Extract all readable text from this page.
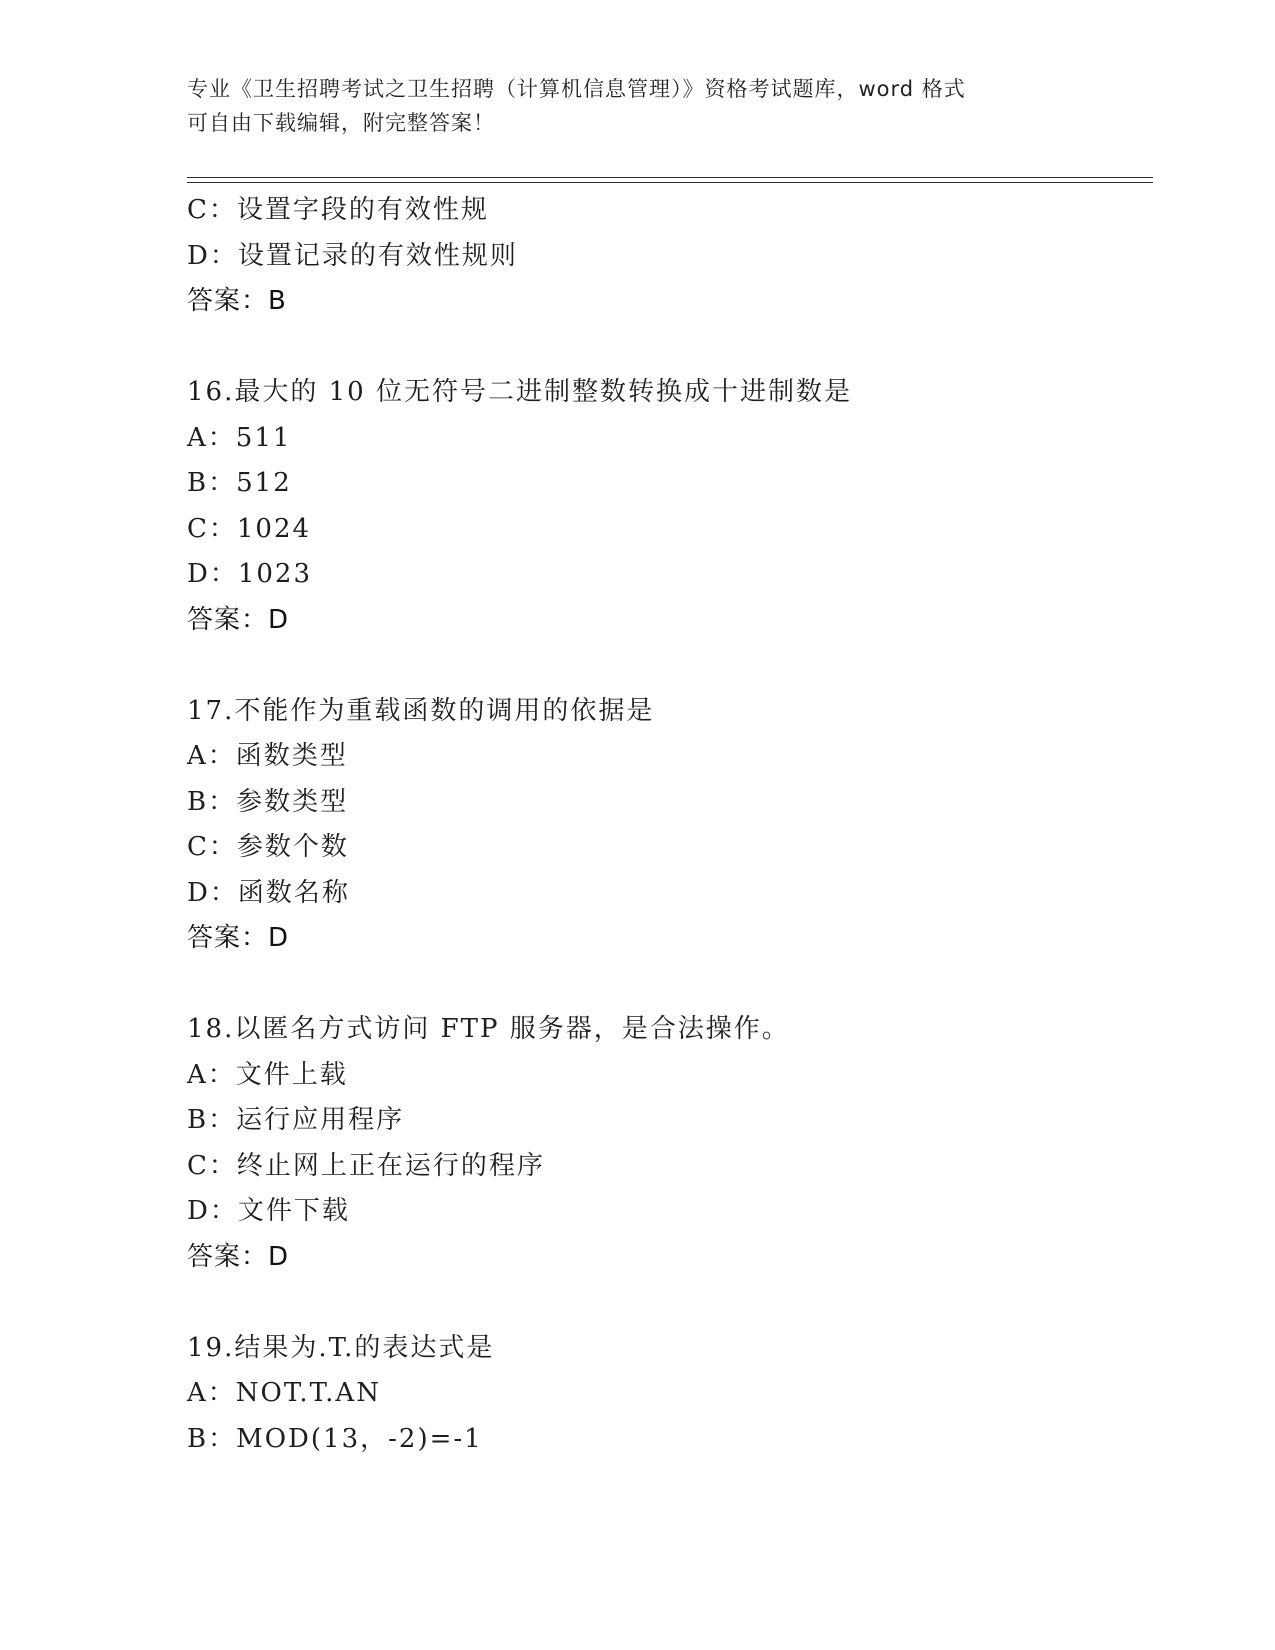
专业《卫生招聘考试之卫生招聘（计算机信息管理）》资格考试题库，word 格式
可自由下载编辑，附完整答案！
C：设置字段的有效性规
D：设置记录的有效性规则
答案：B
16.最大的 10 位无符号二进制整数转换成十进制数是
A：511
B：512
C：1024
D：1023
答案：D
17.不能作为重载函数的调用的依据是
A：函数类型
B：参数类型
C：参数个数
D：函数名称
答案：D
18.以匿名方式访问 FTP 服务器，是合法操作。
A：文件上载
B：运行应用程序
C：终止网上正在运行的程序
D：文件下载
答案：D
19.结果为.T.的表达式是
A：NOT.T.AN
B：MOD(13，-2)=-1
